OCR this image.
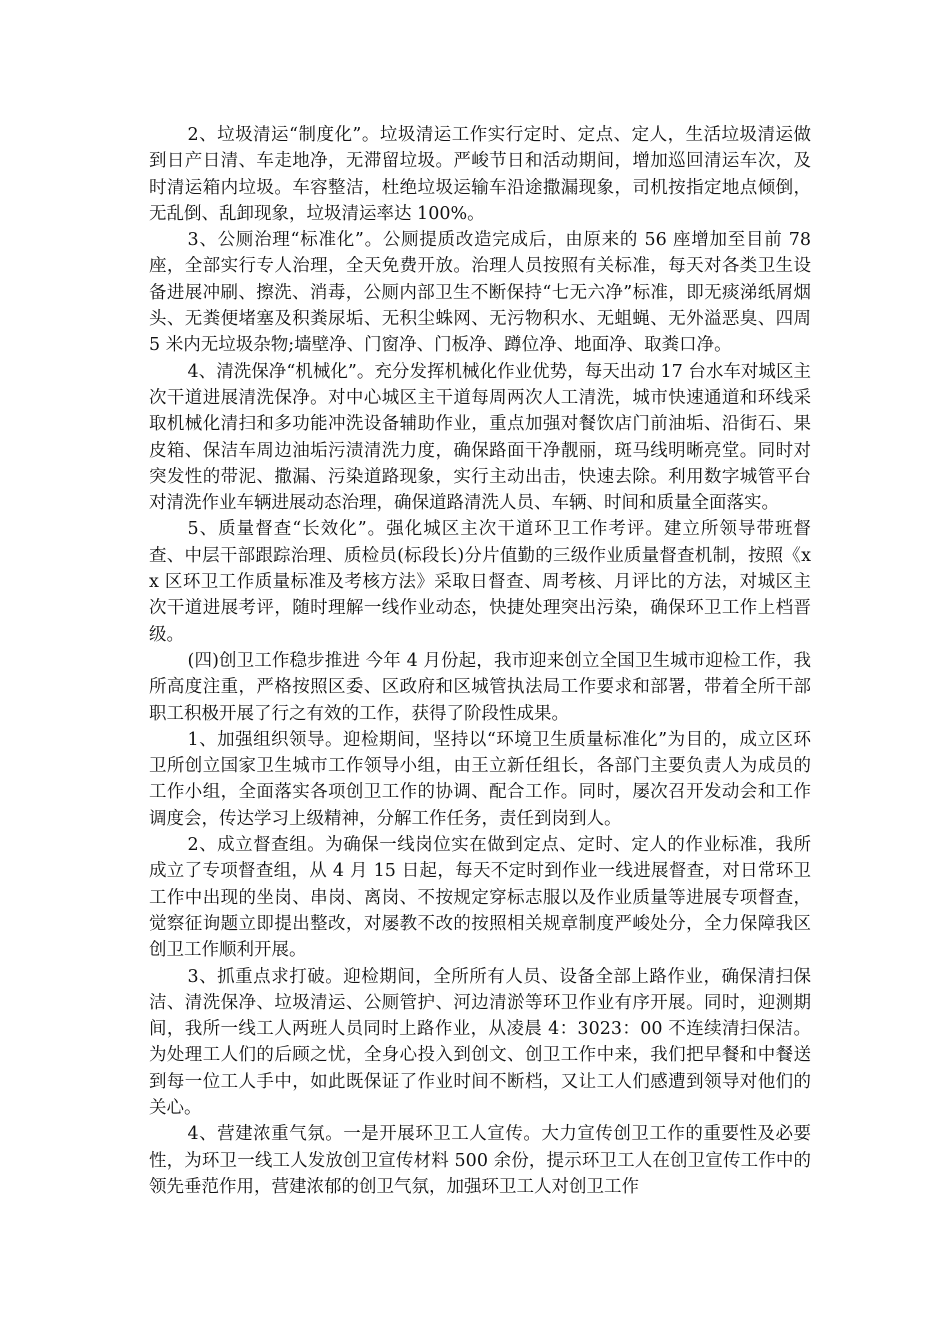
2、垃圾清运“制度化”。垃圾清运工作实行定时、定点、定人，生活垃圾清运做到日产日清、车走地净，无滞留垃圾。严峻节日和活动期间，增加巡回清运车次，及时清运箱内垃圾。车容整洁，杜绝垃圾运输车沿途撒漏现象，司机按指定地点倾倒，无乱倒、乱卸现象，垃圾清运率达 100%。

3、公厕治理“标准化”。公厕提质改造完成后，由原来的 56 座增加至目前 78 座，全部实行专人治理，全天免费开放。治理人员按照有关标准，每天对各类卫生设备进展冲刷、擦洗、消毒，公厕内部卫生不断保持“七无六净”标准，即无痰涕纸屑烟头、无粪便堵塞及积粪尿垢、无积尘蛛网、无污物积水、无蛆蝇、无外溢恶臭、四周 5 米内无垃圾杂物;墙壁净、门窗净、门板净、蹲位净、地面净、取粪口净。

4、清洗保净“机械化”。充分发挥机械化作业优势，每天出动 17 台水车对城区主次干道进展清洗保净。对中心城区主干道每周两次人工清洗，城市快速通道和环线采取机械化清扫和多功能冲洗设备辅助作业，重点加强对餐饮店门前油垢、沿街石、果皮箱、保洁车周边油垢污渍清洗力度，确保路面干净靓丽，斑马线明晰亮堂。同时对突发性的带泥、撒漏、污染道路现象，实行主动出击，快速去除。利用数字城管平台对清洗作业车辆进展动态治理，确保道路清洗人员、车辆、时间和质量全面落实。

5、质量督查“长效化”。强化城区主次干道环卫工作考评。建立所领导带班督查、中层干部跟踪治理、质检员(标段长)分片值勤的三级作业质量督查机制，按照《xx 区环卫工作质量标准及考核方法》采取日督查、周考核、月评比的方法，对城区主次干道进展考评，随时理解一线作业动态，快捷处理突出污染，确保环卫工作上档晋级。

(四)创卫工作稳步推进 今年 4 月份起，我市迎来创立全国卫生城市迎检工作，我所高度注重，严格按照区委、区政府和区城管执法局工作要求和部署，带着全所干部职工积极开展了行之有效的工作，获得了阶段性成果。

1、加强组织领导。迎检期间，坚持以“环境卫生质量标准化”为目的，成立区环卫所创立国家卫生城市工作领导小组，由王立新任组长，各部门主要负责人为成员的工作小组，全面落实各项创卫工作的协调、配合工作。同时，屡次召开发动会和工作调度会，传达学习上级精神，分解工作任务，责任到岗到人。

2、成立督查组。为确保一线岗位实在做到定点、定时、定人的作业标准，我所成立了专项督查组，从 4 月 15 日起，每天不定时到作业一线进展督查，对日常环卫工作中出现的坐岗、串岗、离岗、不按规定穿标志服以及作业质量等进展专项督查，觉察征询题立即提出整改，对屡教不改的按照相关规章制度严峻处分，全力保障我区创卫工作顺利开展。

3、抓重点求打破。迎检期间，全所所有人员、设备全部上路作业，确保清扫保洁、清洗保净、垃圾清运、公厕管护、河边清淤等环卫作业有序开展。同时，迎测期间，我所一线工人两班人员同时上路作业，从凌晨 4：3023：00 不连续清扫保洁。为处理工人们的后顾之忧，全身心投入到创文、创卫工作中来，我们把早餐和中餐送到每一位工人手中，如此既保证了作业时间不断档，又让工人们感遭到领导对他们的关心。

4、营建浓重气氛。一是开展环卫工人宣传。大力宣传创卫工作的重要性及必要性，为环卫一线工人发放创卫宣传材料 500 余份，提示环卫工人在创卫宣传工作中的领先垂范作用，营建浓郁的创卫气氛，加强环卫工人对创卫工作
